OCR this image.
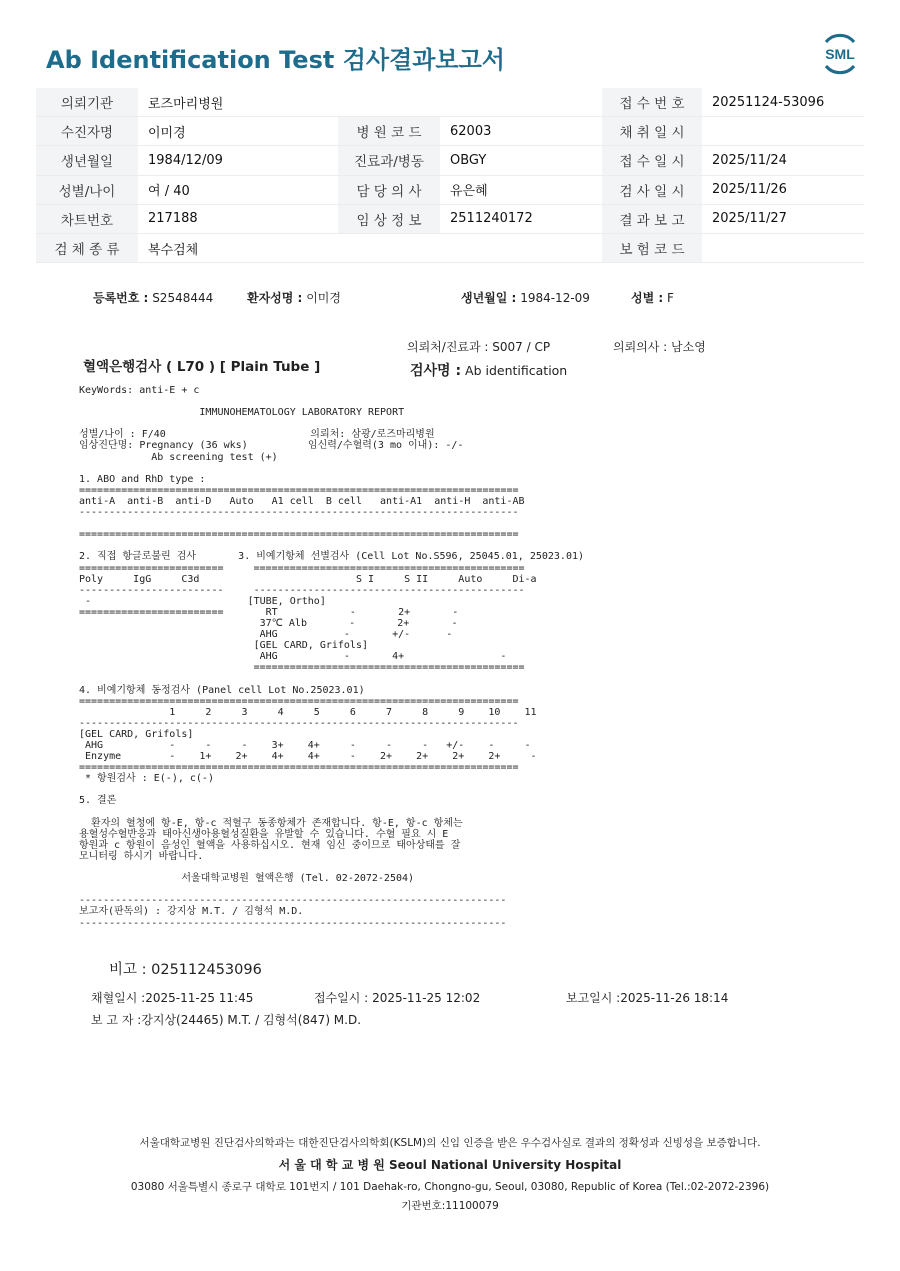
Ab Identification Test 검사결과보고서	SML
의뢰기관	로즈마리병원			접 수 번 호	20251124-53096
수진자명	이미경	병 원 코 드	62003	채 취 일 시	
생년월일	1984/12/09	진료과/병동	OBGY	접 수 일 시	2025/11/24
성별/나이	여 / 40	담 당 의 사	유은혜	검 사 일 시	2025/11/26
차트번호	217188	임 상 정 보	2511240172	결 과 보 고	2025/11/27
검 체 종 류	복수검체			보 험 코 드	
등록번호 : S2548444	환자성명 : 이미경	생년월일 : 1984-12-09	성별 : F
의뢰처/진료과 : S007 / CP	의뢰의사 : 남소영
혈액은행검사 ( L70 ) [ Plain Tube ]	검사명 : Ab identification
KeyWords: anti-E + c
IMMUNOHEMATOLOGY LABORATORY REPORT
성별/나이 : F/40                        의뢰처: 삼광/로즈마리병원
임상진단명: Pregnancy (36 wks)          임신력/수혈력(3 mo 이내): -/-
Ab screening test (+)
1. ABO and RhD type :
=========================================================================
anti-A  anti-B  anti-D   Auto   A1 cell  B cell   anti-A1  anti-H  anti-AB
-------------------------------------------------------------------------
=========================================================================
2. 직접 항글로불린 검사       3. 비예기항체 선별검사 (Cell Lot No.S596, 25045.01, 25023.01)
========================     =============================================
Poly     IgG     C3d                          S I     S II     Auto     Di-a
------------------------     ---------------------------------------------
-                          [TUBE, Ortho]
========================       RT            -       2+       -
37℃ Alb       -       2+       -
AHG           -       +/-      -
[GEL CARD, Grifols]
AHG           -       4+                -
=============================================
4. 비예기항체 동정검사 (Panel cell Lot No.25023.01)
=========================================================================
1     2     3     4     5     6     7     8     9    10    11
-------------------------------------------------------------------------
[GEL CARD, Grifols]
AHG           -     -     -    3+    4+     -     -     -   +/-    -     -
Enzyme        -    1+    2+    4+    4+     -    2+    2+    2+    2+     -
=========================================================================
* 항원검사 : E(-), c(-)
5. 결론
환자의 혈청에 항-E, 항-c 적혈구 동종항체가 존재합니다. 항-E, 항-c 항체는
용혈성수혈반응과 태아신생아용혈성질환을 유발할 수 있습니다. 수혈 필요 시 E
항원과 c 항원이 음성인 혈액을 사용하십시오. 현재 임신 중이므로 태아상태를 잘
모니터링 하시기 바랍니다.
서울대학교병원 혈액은행 (Tel. 02-2072-2504)
-----------------------------------------------------------------------
보고자(판독의) : 강지상 M.T. / 김형석 M.D.
-----------------------------------------------------------------------
비고 : 025112453096
채혈일시 :2025-11-25 11:45	접수일시 : 2025-11-25 12:02	보고일시 :2025-11-26 18:14
보 고 자 :강지상(24465) M.T. / 김형석(847) M.D.
서울대학교병원 진단검사의학과는 대한진단검사의학회(KSLM)의 신임 인증을 받은 우수검사실로 결과의 정확성과 신빙성을 보증합니다.
서 울 대 학 교 병 원 Seoul National University Hospital
03080 서울특별시 종로구 대학로 101번지 / 101 Daehak-ro, Chongno-gu, Seoul, 03080, Republic of Korea (Tel.:02-2072-2396)
기관번호:11100079
